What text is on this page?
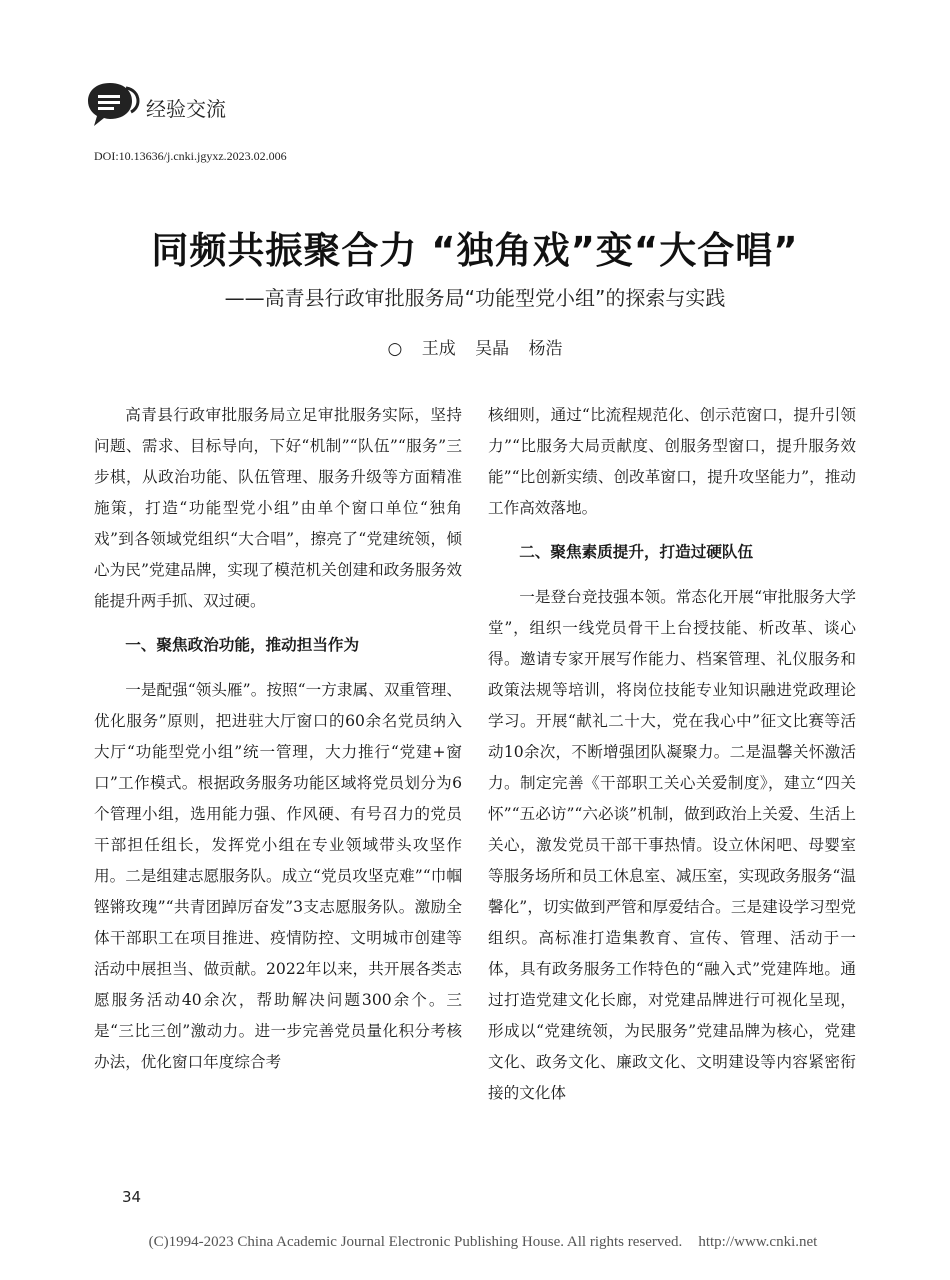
经验交流
DOI:10.13636/j.cnki.jgyxz.2023.02.006
同频共振聚合力 “独角戏”变“大合唱”
——高青县行政审批服务局“功能型党小组”的探索与实践
○ 王成 吴晶 杨浩

高青县行政审批服务局立足审批服务实际，坚持问题、需求、目标导向，下好“机制”“队伍”“服务”三步棋，从政治功能、队伍管理、服务升级等方面精准施策，打造“功能型党小组”由单个窗口单位“独角戏”到各领域党组织“大合唱”，擦亮了“党建统领，倾心为民”党建品牌，实现了模范机关创建和政务服务效能提升两手抓、双过硬。

一、聚焦政治功能，推动担当作为

一是配强“领头雁”。按照“一方隶属、双重管理、优化服务”原则，把进驻大厅窗口的60余名党员纳入大厅“功能型党小组”统一管理，大力推行“党建+窗口”工作模式。根据政务服务功能区域将党员划分为6个管理小组，选用能力强、作风硬、有号召力的党员干部担任组长，发挥党小组在专业领域带头攻坚作用。二是组建志愿服务队。成立“党员攻坚克难”“巾帼铿锵玫瑰”“共青团踔厉奋发”3支志愿服务队。激励全体干部职工在项目推进、疫情防控、文明城市创建等活动中展担当、做贡献。2022年以来，共开展各类志愿服务活动40余次，帮助解决问题300余个。三是“三比三创”激动力。进一步完善党员量化积分考核办法，优化窗口年度综合考

核细则，通过“比流程规范化、创示范窗口，提升引领力”“比服务大局贡献度、创服务型窗口，提升服务效能”“比创新实绩、创改革窗口，提升攻坚能力”，推动工作高效落地。

二、聚焦素质提升，打造过硬队伍

一是登台竞技强本领。常态化开展“审批服务大学堂”，组织一线党员骨干上台授技能、析改革、谈心得。邀请专家开展写作能力、档案管理、礼仪服务和政策法规等培训，将岗位技能专业知识融进党政理论学习。开展“献礼二十大，党在我心中”征文比赛等活动10余次，不断增强团队凝聚力。二是温馨关怀激活力。制定完善《干部职工关心关爱制度》，建立“四关怀”“五必访”“六必谈”机制，做到政治上关爱、生活上关心，激发党员干部干事热情。设立休闲吧、母婴室等服务场所和员工休息室、减压室，实现政务服务“温馨化”，切实做到严管和厚爱结合。三是建设学习型党组织。高标准打造集教育、宣传、管理、活动于一体，具有政务服务工作特色的“融入式”党建阵地。通过打造党建文化长廊，对党建品牌进行可视化呈现，形成以“党建统领，为民服务”党建品牌为核心，党建文化、政务文化、廉政文化、文明建设等内容紧密衔接的文化体

34
(C)1994-2023 China Academic Journal Electronic Publishing House. All rights reserved. http://www.cnki.net
